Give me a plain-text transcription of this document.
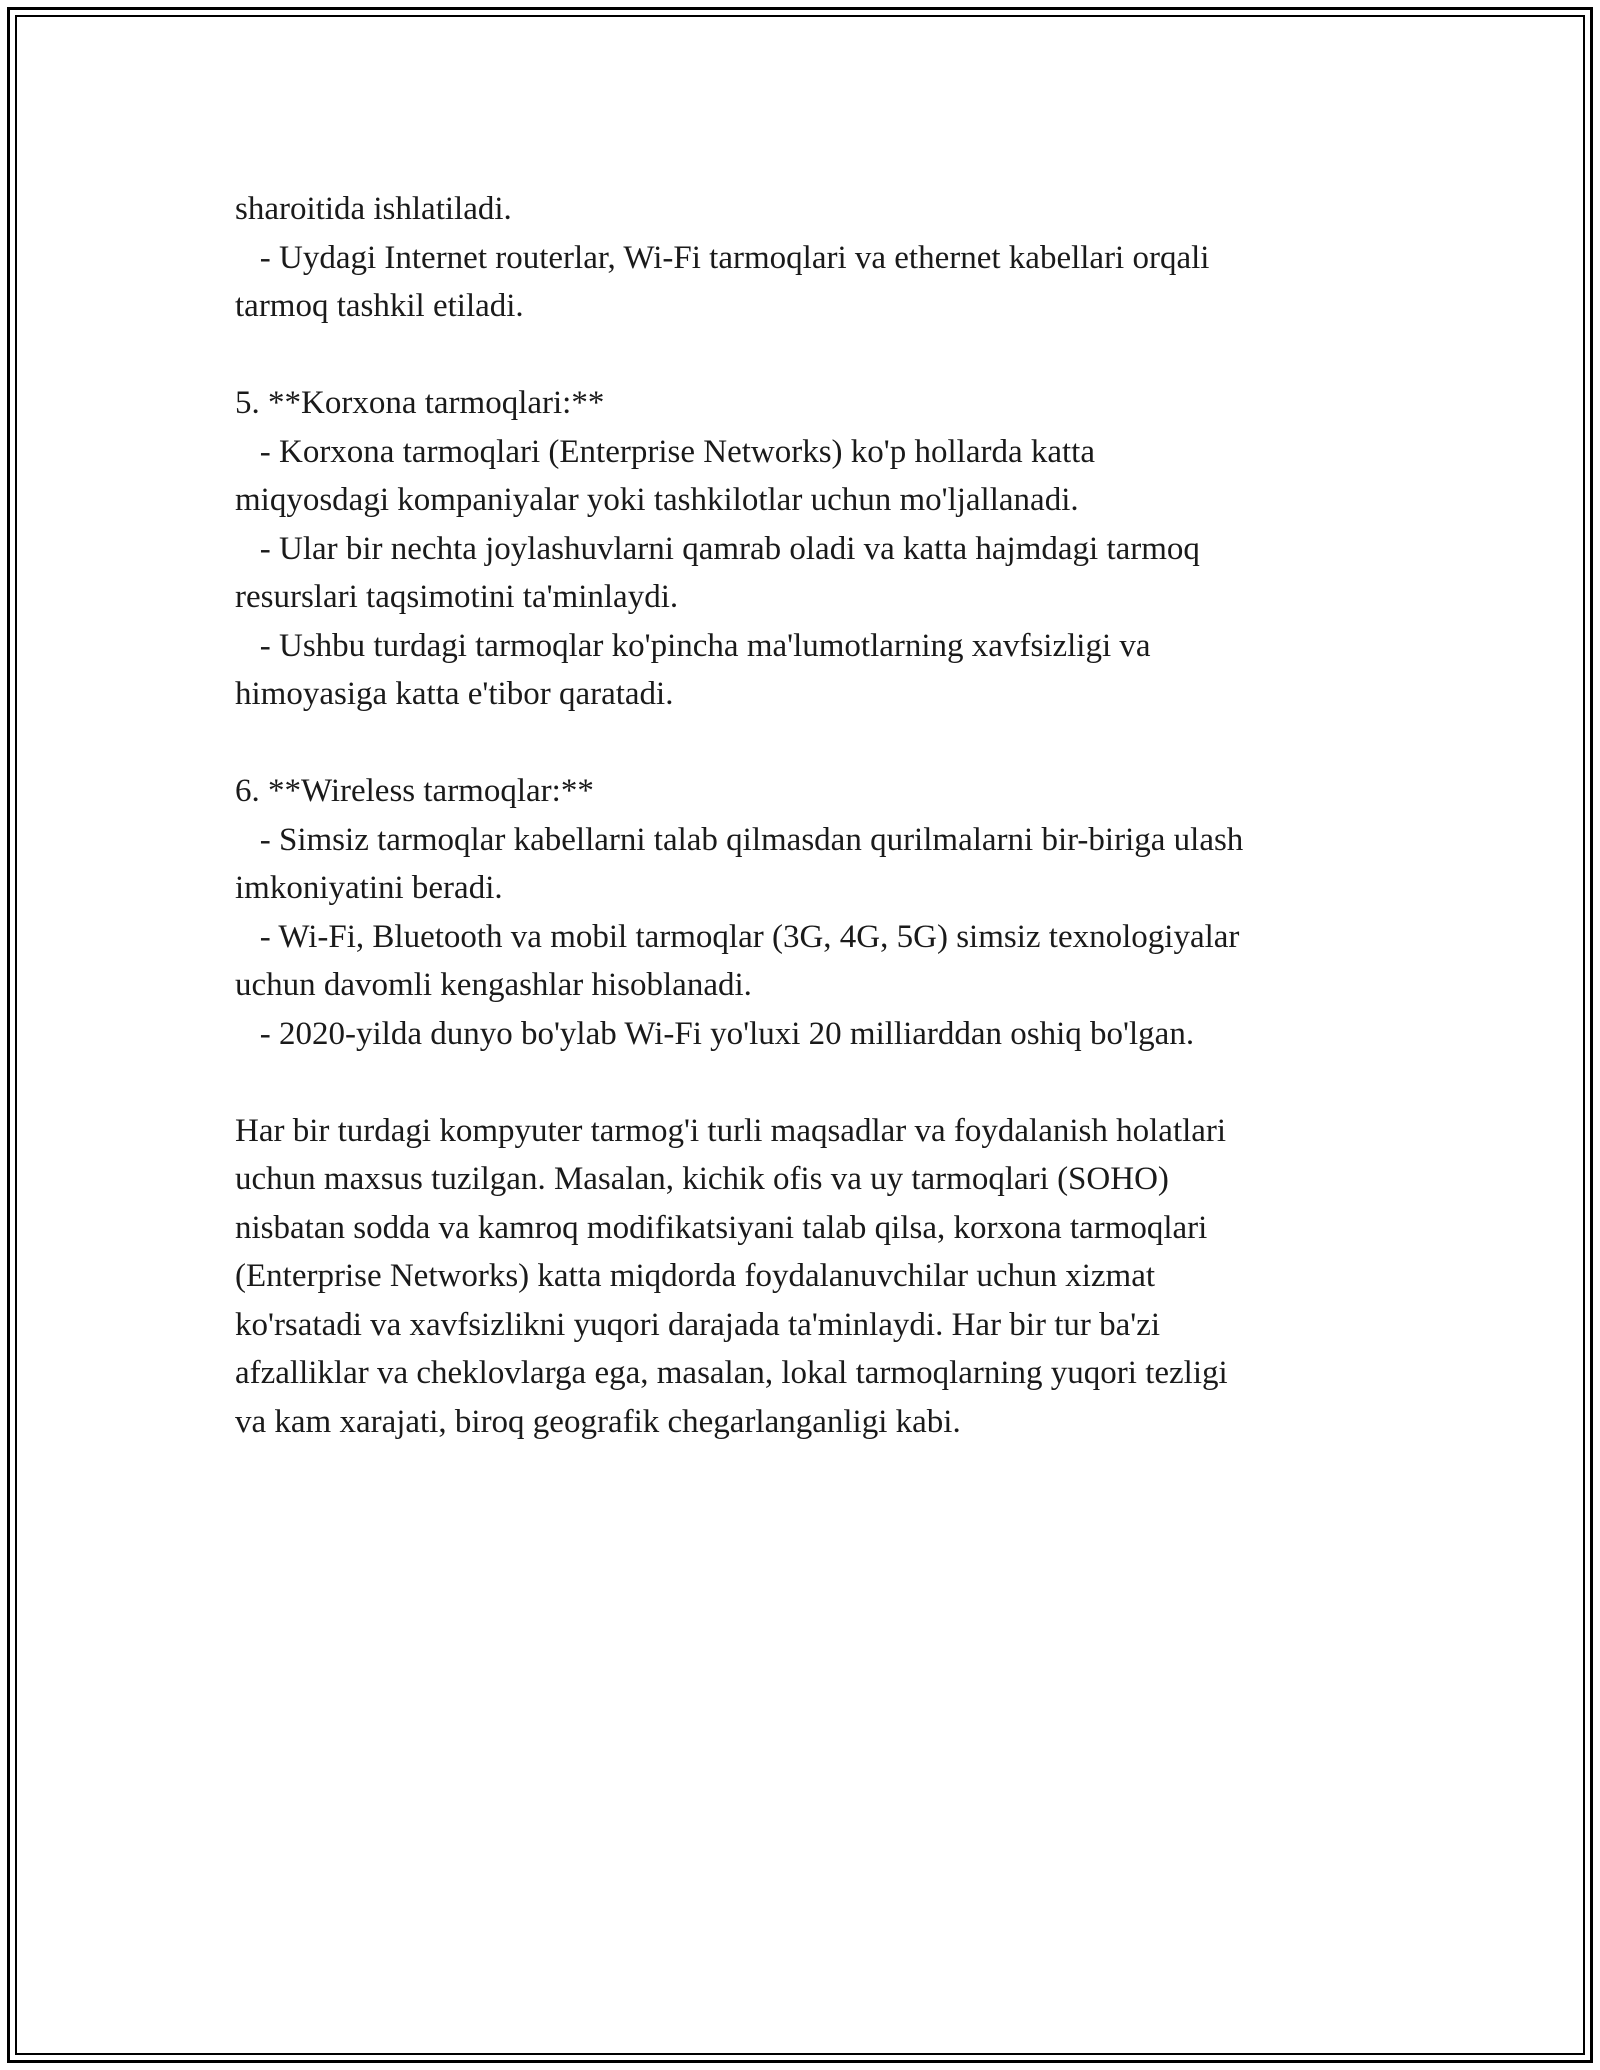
sharoitida ishlatiladi.
- Uydagi Internet routerlar, Wi-Fi tarmoqlari va ethernet kabellari orqali
tarmoq tashkil etiladi.
5. **Korxona tarmoqlari:**
- Korxona tarmoqlari (Enterprise Networks) ko'p hollarda katta
miqyosdagi kompaniyalar yoki tashkilotlar uchun mo'ljallanadi.
- Ular bir nechta joylashuvlarni qamrab oladi va katta hajmdagi tarmoq
resurslari taqsimotini ta'minlaydi.
- Ushbu turdagi tarmoqlar ko'pincha ma'lumotlarning xavfsizligi va
himoyasiga katta e'tibor qaratadi.
6. **Wireless tarmoqlar:**
- Simsiz tarmoqlar kabellarni talab qilmasdan qurilmalarni bir-biriga ulash
imkoniyatini beradi.
- Wi-Fi, Bluetooth va mobil tarmoqlar (3G, 4G, 5G) simsiz texnologiyalar
uchun davomli kengashlar hisoblanadi.
- 2020-yilda dunyo bo'ylab Wi-Fi yo'luxi 20 milliarddan oshiq bo'lgan.
Har bir turdagi kompyuter tarmog'i turli maqsadlar va foydalanish holatlari
uchun maxsus tuzilgan. Masalan, kichik ofis va uy tarmoqlari (SOHO)
nisbatan sodda va kamroq modifikatsiyani talab qilsa, korxona tarmoqlari
(Enterprise Networks) katta miqdorda foydalanuvchilar uchun xizmat
ko'rsatadi va xavfsizlikni yuqori darajada ta'minlaydi. Har bir tur ba'zi
afzalliklar va cheklovlarga ega, masalan, lokal tarmoqlarning yuqori tezligi
va kam xarajati, biroq geografik chegarlanganligi kabi.
